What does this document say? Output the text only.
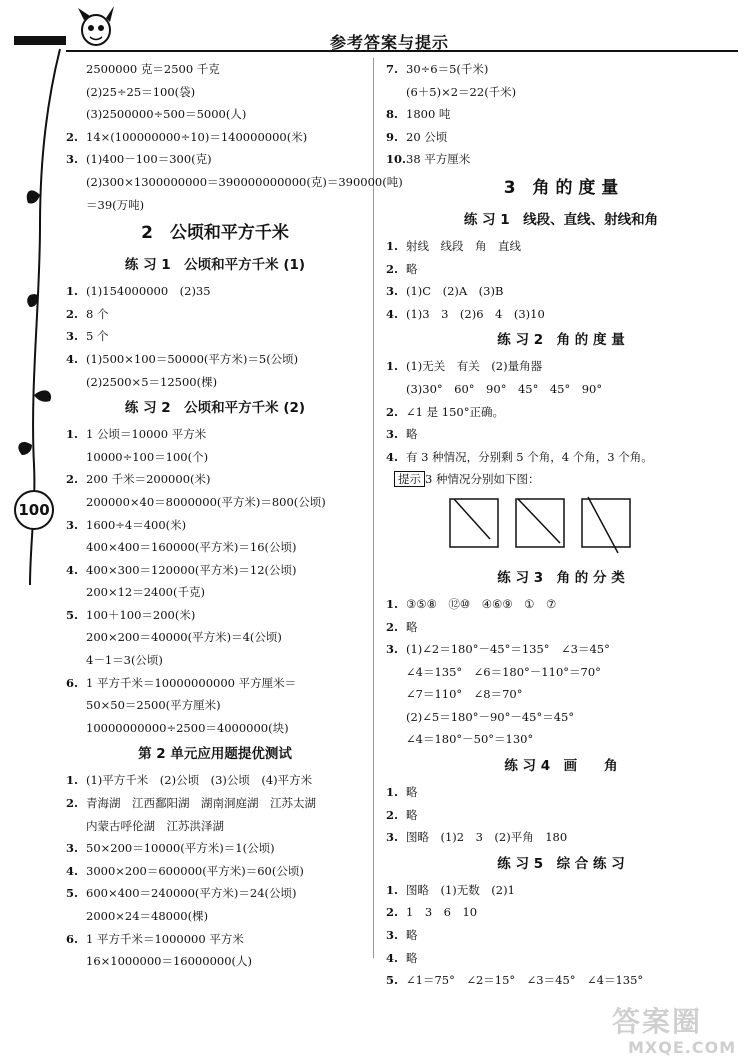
参考答案与提示
100
2500000 克＝2500 千克
(2)25÷25＝100(袋)
(3)2500000÷500＝5000(人)
2. 14×(100000000÷10)＝140000000(米)
3. (1)400－100＝300(克)
(2)300×1300000000＝390000000000(克)＝390000(吨)
＝39(万吨)
2　公顷和平方千米
练 习 1　公顷和平方千米 (1)
1. (1)154000000　(2)35
2. 8 个
3. 5 个
4. (1)500×100＝50000(平方米)＝5(公顷)
(2)2500×5＝12500(棵)
练 习 2　公顷和平方千米 (2)
1. 1 公顷＝10000 平方米
10000÷100＝100(个)
2. 200 千米＝200000(米)
200000×40＝8000000(平方米)＝800(公顷)
3. 1600÷4＝400(米)
400×400＝160000(平方米)＝16(公顷)
4. 400×300＝120000(平方米)＝12(公顷)
200×12＝2400(千克)
5. 100＋100＝200(米)
200×200＝40000(平方米)＝4(公顷)
4－1＝3(公顷)
6. 1 平方千米＝10000000000 平方厘米＝
50×50＝2500(平方厘米)
10000000000÷2500＝4000000(块)
第 2 单元应用题提优测试
1. (1)平方千米　(2)公顷　(3)公顷　(4)平方米
2. 青海湖　江西鄱阳湖　湖南洞庭湖　江苏太湖
内蒙古呼伦湖　江苏洪泽湖
3. 50×200＝10000(平方米)＝1(公顷)
4. 3000×200＝600000(平方米)＝60(公顷)
5. 600×400＝240000(平方米)＝24(公顷)
2000×24＝48000(棵)
6. 1 平方千米＝1000000 平方米
16×1000000＝16000000(人)
7. 30÷6＝5(千米)
(6＋5)×2＝22(千米)
8. 1800 吨
9. 20 公顷
10. 38 平方厘米
3　角 的 度 量
练 习 1　线段、直线、射线和角
1. 射线　线段　角　直线
2. 略
3. (1)C　(2)A　(3)B
4. (1)3　3　(2)6　4　(3)10
练 习 2　角 的 度 量
1. (1)无关　有关　(2)量角器
(3)30°　60°　90°　45°　45°　90°
2. ∠1 是 150°正确。
3. 略
4. 有 3 种情况，分别剩 5 个角，4 个角，3 个角。
提示 3 种情况分别如下图：
练 习 3　角 的 分 类
1. ③⑤⑧　⑫⑩　④⑥⑨　①　⑦
2. 略
3. (1)∠2＝180°－45°＝135°　∠3＝45°
∠4＝135°　∠6＝180°－110°＝70°
∠7＝110°　∠8＝70°
(2)∠5＝180°－90°－45°＝45°
∠4＝180°－50°＝130°
练 习 4　画　　角
1. 略
2. 略
3. 图略　(1)2　3　(2)平角　180
练 习 5　综 合 练 习
1. 图略　(1)无数　(2)1
2. 1　3　6　10
3. 略
4. 略
5. ∠1＝75°　∠2＝15°　∠3＝45°　∠4＝135°
答案圈
MXQE.COM
